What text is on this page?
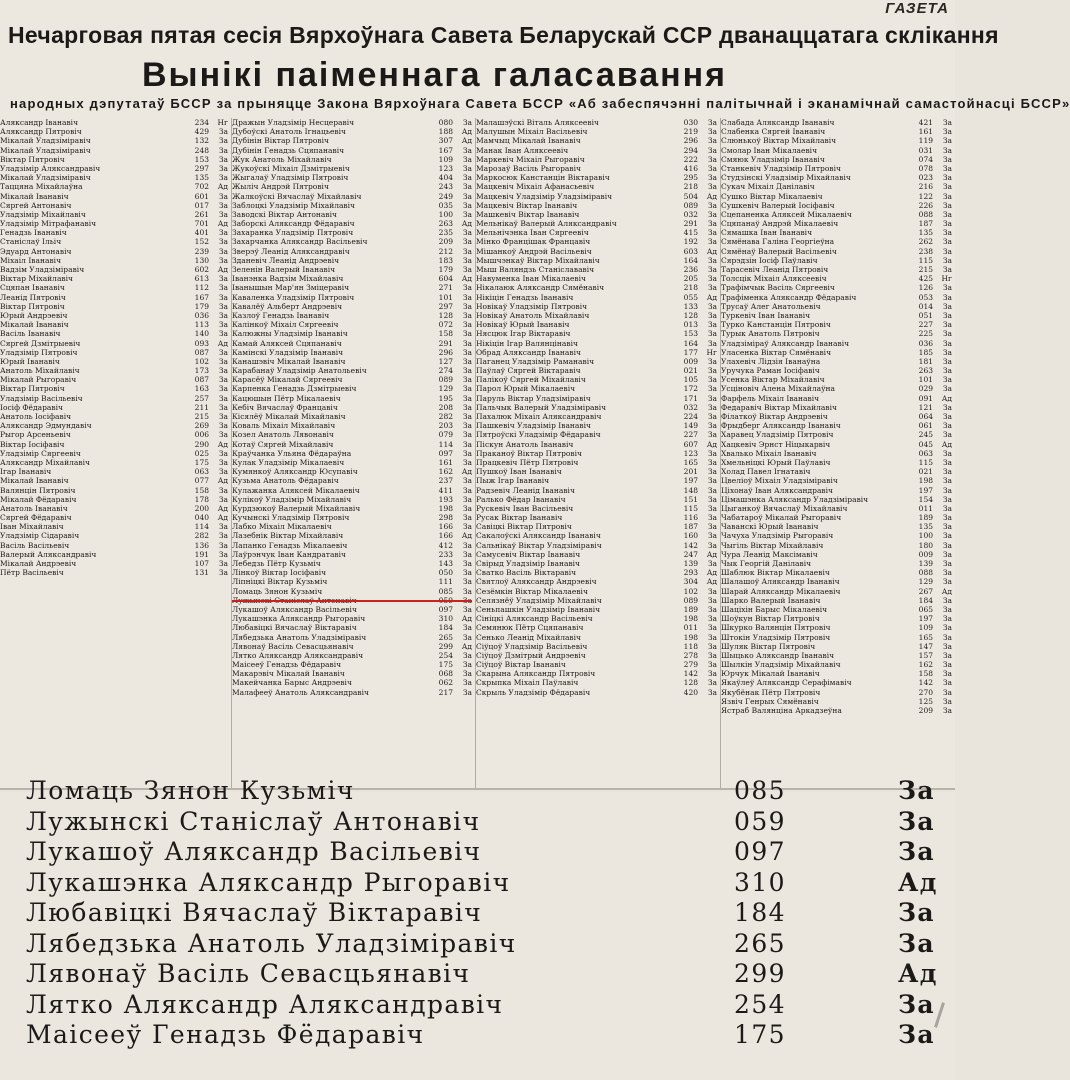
ГАЗЕТА
Нечарговая пятая сесія Вярхоўнага Савета Беларускай ССР дванаццатага склікання
Вынікі паіменнага галасавання
народных дэпутатаў БССР за прыняцце Закона Вярхоўнага Савета БССР «Аб забеспячэнні палітычнай і эканамічнай самастойнасці БССР»
Аляксандр Іванавіч	234	Нг
Аляксандр Пятровіч	429	За
Мікалай Уладзіміравіч	132	За
Мікалай Уладзіміравіч	248	За
Віктар Пятровіч	153	За
Уладзімір Аляксандравіч	297	За
Мікалай Уладзіміравіч	135	За
Таццяна Міхайлаўна	702	Ад
Мікалай Іванавіч	601	За
Сяргей Антонавіч	017	За
Уладзімір Міхайлавіч	261	За
Уладзімір Мітрафанавіч	701	Ад
Генадзь Іванавіч	401	За
Станіслаў Ільіч	152	За
Эдуард Антонавіч	239	За
Міхаіл Іванавіч	130	За
Вадзім Уладзіміравіч	602	Ад
Віктар Міхайлавіч	613	За
Сцяпан Іванавіч	112	За
Леанід Пятровіч	167	За
Віктар Пятровіч	179	За
Юрый Андрэевіч	036	За
Мікалай Іванавіч	113	За
Васіль Іванавіч	140	За
Сяргей Дзмітрыевіч	093	Ад
Уладзімір Пятровіч	087	За
Юрый Іванавіч	102	За
Анатоль Міхайлавіч	173	За
Мікалай Рыгоравіч	087	За
Віктар Пятровіч	163	За
Уладзімір Васільевіч	257	За
Іосіф Фёдаравіч	211	За
Анатоль Іосіфавіч	215	За
Аляксандр Эдмундавіч	269	За
Рыгор Арсеньевіч	006	За
Віктар Іосіфавіч	290	Ад
Уладзімір Сяргеевіч	025	За
Аляксандр Міхайлавіч	175	За
Ігар Іванавіч	063	За
Мікалай Іванавіч	077	Ад
Валянцін Пятровіч	158	За
Мікалай Фёдаравіч	178	За
Анатоль Іванавіч	200	Ад
Сяргей Фёдаравіч	040	Ад
Іван Міхайлавіч	114	За
Уладзімір Сідаравіч	282	За
Васіль Васільевіч	136	За
Валерый Аляксандравіч	191	За
Мікалай Андрэевіч	107	За
Пётр Васільевіч	131	За
Дражын Уладзімір Несцеравіч	080	За
Дубоўскі Анатоль Ігнацьевіч	188	Ад
Дубінін Віктар Пятровіч	307	Ад
Дубінін Генадзь Сцяпанавіч	167	За
Жук Анатоль Міхайлавіч	109	За
Жукоўскі Міхаіл Дзмітрыевіч	123	За
Жыгалаў Уладзімір Пятровіч	404	За
Жыліч Андрэй Пятровіч	243	За
Жалкоўскі Вячаслаў Міхайлавіч	249	За
Заблоцкі Уладзімір Міхайлавіч	035	За
Заводскі Віктар Антонавіч	100	За
Заборскі Аляксандр Фёдаравіч	263	Ад
Захаранка Уладзімір Пятровіч	235	За
Захарчанка Аляксандр Васільевіч	209	За
Зверэў Леанід Аляксандравіч	212	За
Зданевіч Леанід Андрэевіч	183	За
Зеленін Валерый Іванавіч	179	За
Іванэнка Вадзім Міхайлавіч	604	Ад
Іванышын Мар'ян Зміцеравіч	271	За
Каваленка Уладзімір Пятровіч	101	За
Кавалёў Альберт Андрэевіч	297	За
Казлоў Генадзь Іванавіч	128	За
Калінкоў Міхаіл Сяргеевіч	072	За
Калюжны Уладзімір Іванавіч	158	За
Камай Аляксей Сцяпанавіч	291	За
Камінскі Уладзімір Іванавіч	296	За
Канашэвіч Мікалай Іванавіч	127	За
Карабанаў Уладзімір Анатольевіч	274	За
Карасёў Мікалай Сяргеевіч	089	За
Карпенка Генадзь Дзмітрыевіч	129	За
Кацюшын Пётр Мікалаевіч	195	За
Кебіч Вячаслаў Францавіч	208	За
Кісялёў Мікалай Міхайлавіч	282	За
Коваль Міхаіл Міхайлавіч	203	За
Козел Анатоль Лявонавіч	079	За
Котаў Сяргей Міхайлавіч	114	За
Краўчанка Ульяна Фёдараўна	097	За
Кулак Уладзімір Мікалаевіч	161	За
Кумянкоў Аляксандр Юсупавіч	162	Ад
Кузьма Анатоль Фёдаравіч	237	За
Кулажанка Аляксей Мікалаевіч	411	За
Кулікоў Уладзімір Міхайлавіч	193	За
Курдзюкоў Валерый Міхайлавіч	198	За
Кучынскі Уладзімір Пятровіч	298	За
Лабко Міхаіл Мікалаевіч	166	За
Лазебнік Віктар Міхайлавіч	166	Ад
Лапанко Генадзь Мікалаевіч	412	За
Лаўрэнчук Іван Кандратавіч	233	За
Лебедзь Пётр Кузьміч	143	За
Лінкоў Віктар Іосіфавіч	050	За
Ліпніцкі Віктар Кузьміч	111	За
Ломаць Зянон Кузьміч	085	За
Лукашоў Аляксандр Васільевіч	097	За
Лукашэнка Аляксандр Рыгоравіч	310	Ад
Любавіцкі Вячаслаў Віктаравіч	184	За
Лябедзька Анатоль Уладзіміравіч	265	За
Лявонаў Васіль Севасцьянавіч	299	Ад
Лятко Аляксандр Аляксандравіч	254	За
Маісееў Генадзь Фёдаравіч	175	За
Макарэвіч Мікалай Іванавіч	068	За
Макейчанка Барыс Андрэевіч	062	За
Малафееў Анатоль Аляксандравіч	217	За
Малашэўскі Віталь Аляксеевіч	030	За
Малушын Міхаіл Васільевіч	219	За
Мамчыц Мікалай Іванавіч	296	За
Манак Іван Аляксеевіч	294	За
Маркевіч Міхаіл Рыгоравіч	222	За
Марозаў Васіль Рыгоравіч	416	За
Маркосюк Канстанцін Віктаравіч	295	За
Мацкевіч Міхаіл Афанасьевіч	218	За
Мацкевіч Уладзімір Уладзіміравіч	504	Ад
Мацкевіч Віктар Іванавіч	089	За
Машкевіч Віктар Іванавіч	032	За
Мельнікаў Валерый Аляксандравіч	291	За
Мельнічэнка Іван Сяргеевіч	415	За
Мінко Францішак Францавіч	192	За
Мішанкоў Андрэй Васільевіч	603	Ад
Мышчэнкаў Віктар Міхайлавіч	164	За
Мыш Валяндзь Станіслававіч	236	За
Навуменка Іван Мікалаевіч	205	За
Нікалаюк Аляксандр Сямёнавіч	218	За
Нікіцін Генадзь Іванавіч	055	Ад
Новікаў Уладзімір Пятровіч	133	За
Новікаў Анатоль Міхайлавіч	128	За
Новікаў Юрый Іванавіч	013	За
Нясцюк Ігар Віктаравіч	153	За
Нікіцін Ігар Валянцінавіч	164	За
Обрад Аляксандр Іванавіч	177	Нг
Паганец Уладзімір Раманавіч	009	За
Паўлаў Сяргей Віктаравіч	021	За
Палікоў Сяргей Міхайлавіч	105	За
Парол Юрый Мікалаевіч	172	За
Паруль Віктар Уладзіміравіч	171	За
Пальчык Валерый Уладзіміравіч	032	За
Пахалюк Міхаіл Аляксандравіч	224	За
Пашкевіч Уладзімір Іванавіч	149	За
Пятроўскі Уладзімір Фёдаравіч	227	За
Піскун Анатоль Іванавіч	607	Ад
Праканоў Віктар Пятровіч	123	За
Працкевіч Пётр Пятровіч	165	За
Пушкоў Іван Іванавіч	201	За
Пыж Ігар Іванавіч	197	За
Радзевіч Леанід Іванавіч	148	За
Ралько Фёдар Іванавіч	151	За
Рускевіч Іван Васільевіч	115	За
Русак Віктар Іванавіч	116	За
Савіцкі Віктар Пятровіч	187	За
Сакалоўскі Аляксандр Іванавіч	160	За
Сальнікаў Віктар Уладзіміравіч	142	За
Самусевіч Віктар Іванавіч	247	Ад
Свірыд Уладзімір Іванавіч	139	За
Сватко Васіль Віктаравіч	293	Ад
Святлоў Аляксандр Андрэевіч	304	Ад
Сезёмкін Віктар Мікалаевіч	102	За
Селязнёў Уладзімір Міхайлавіч	089	За
Сеньпашкін Уладзімір Іванавіч	189	За
Сініцкі Аляксандр Васільевіч	198	За
Семянюк Пётр Сцяпанавіч	011	За
Сенько Леанід Міхайлавіч	198	За
Сіўцоў Уладзімір Васільевіч	118	За
Сіўцоў Дзмітрый Андрэевіч	278	За
Сіўцоў Віктар Іванавіч	279	За
Скарына Аляксандр Пятровіч	142	За
Скрыпка Міхаіл Паўлавіч	128	За
Скрыль Уладзімір Фёдаравіч	420	За
Слабада Аляксандр Іванавіч	421	За
Слабенка Сяргей Іванавіч	161	За
Слюнькоў Віктар Міхайлавіч	119	За
Смолар Іван Мікалаевіч	031	За
Смяюк Уладзімір Іванавіч	074	За
Станкевіч Уладзімір Пятровіч	078	За
Студзінскі Уладзімір Міхайлавіч	023	За
Сукач Міхаіл Данілавіч	216	За
Сушко Віктар Мікалаевіч	122	За
Сушкевіч Валерый Іосіфавіч	226	За
Сцепаненка Аляксей Мікалаевіч	088	За
Сцяпанаў Андрэй Мікалаевіч	187	За
Сямашка Іван Іванавіч	135	За
Сямёнава Галіна Георгіеўна	262	За
Сямёнаў Валерый Васільевіч	238	За
Сярэдзін Іосіф Паўлавіч	115	За
Тарасевіч Леанід Пятровіч	215	За
Толсцік Міхаіл Аляксеевіч	425	Нг
Трафімчык Васіль Сяргеевіч	126	За
Трафіменка Аляксандр Фёдаравіч	053	За
Трусаў Алег Анатольевіч	014	За
Туркевіч Іван Іванавіч	051	За
Турко Канстанцін Пятровіч	227	За
Турык Анатоль Пятровіч	225	За
Уладзіміраў Аляксандр Іванавіч	036	За
Уласенка Віктар Сямёнавіч	185	За
Улахевіч Лідзія Іванаўна	181	За
Уручука Раман Іосіфавіч	263	За
Усенка Віктар Міхайлавіч	101	За
Усціновіч Алена Міхайлаўна	029	За
Фарфель Міхаіл Іванавіч	091	Ад
Федаравіч Віктар Міхайлавіч	121	За
Філаткоў Віктар Андрэевіч	064	За
Фрыдберг Аляксандр Іванавіч	061	За
Харавец Уладзімір Пятровіч	245	За
Хацкевіч Эрнст Ніцыкарвіч	045	Ад
Хвалько Міхаіл Іванавіч	063	За
Хмельніцкі Юрый Паўлавіч	115	За
Холад Павел Ігнатавіч	021	За
Цвеліоў Міхаіл Уладзіміравіч	198	За
Ціхонаў Іван Аляксандравіч	197	За
Цімашэнка Аляксандр Уладзіміравіч	154	За
Цыганкоў Вячаслаў Міхайлавіч	011	За
Чабатароў Мікалай Рыгоравіч	189	За
Чаванскі Юрый Іванавіч	135	За
Чачуха Уладзімір Рыгоравіч	100	За
Чыгіль Віктар Міхайлавіч	180	За
Чура Леанід Максімавіч	009	За
Чык Георгій Данілавіч	139	За
Шаблюк Віктар Мікалаевіч	088	За
Шалашоў Аляксандр Іванавіч	129	За
Шарай Аляксандр Мікалаевіч	267	Ад
Шарко Валерый Іванавіч	184	За
Шаціхін Барыс Мікалаевіч	065	За
Шоўкун Віктар Пятровіч	197	За
Шкурко Валянцін Пятровіч	109	За
Штокін Уладзімір Пятровіч	165	За
Шуляк Віктар Пятровіч	147	За
Шыцько Аляксандр Іванавіч	157	За
Шылкін Уладзімір Міхайлавіч	162	За
Юрчук Мікалай Іванавіч	158	За
Якаўлеў Аляксандр Серафімавіч	142	За
Якубёнак Пётр Пятровіч	270	За
Язвіч Генрых Сямёнавіч	125	За
Ястраб Валянціна Аркадзеўна	209	За
Ломаць Зянон Кузьміч	085	За
Лужынскі Станіслаў Антонавіч	059	За
Лукашоў Аляксандр Васільевіч	097	За
Лукашэнка Аляксандр Рыгоравіч	310	Ад
Любавіцкі Вячаслаў Віктаравіч	184	За
Лябедзька Анатоль Уладзіміравіч	265	За
Лявонаў Васіль Севасцьянавіч	299	Ад
Лятко Аляксандр Аляксандравіч	254	За
Маісееў Генадзь Фёдаравіч	175	За
